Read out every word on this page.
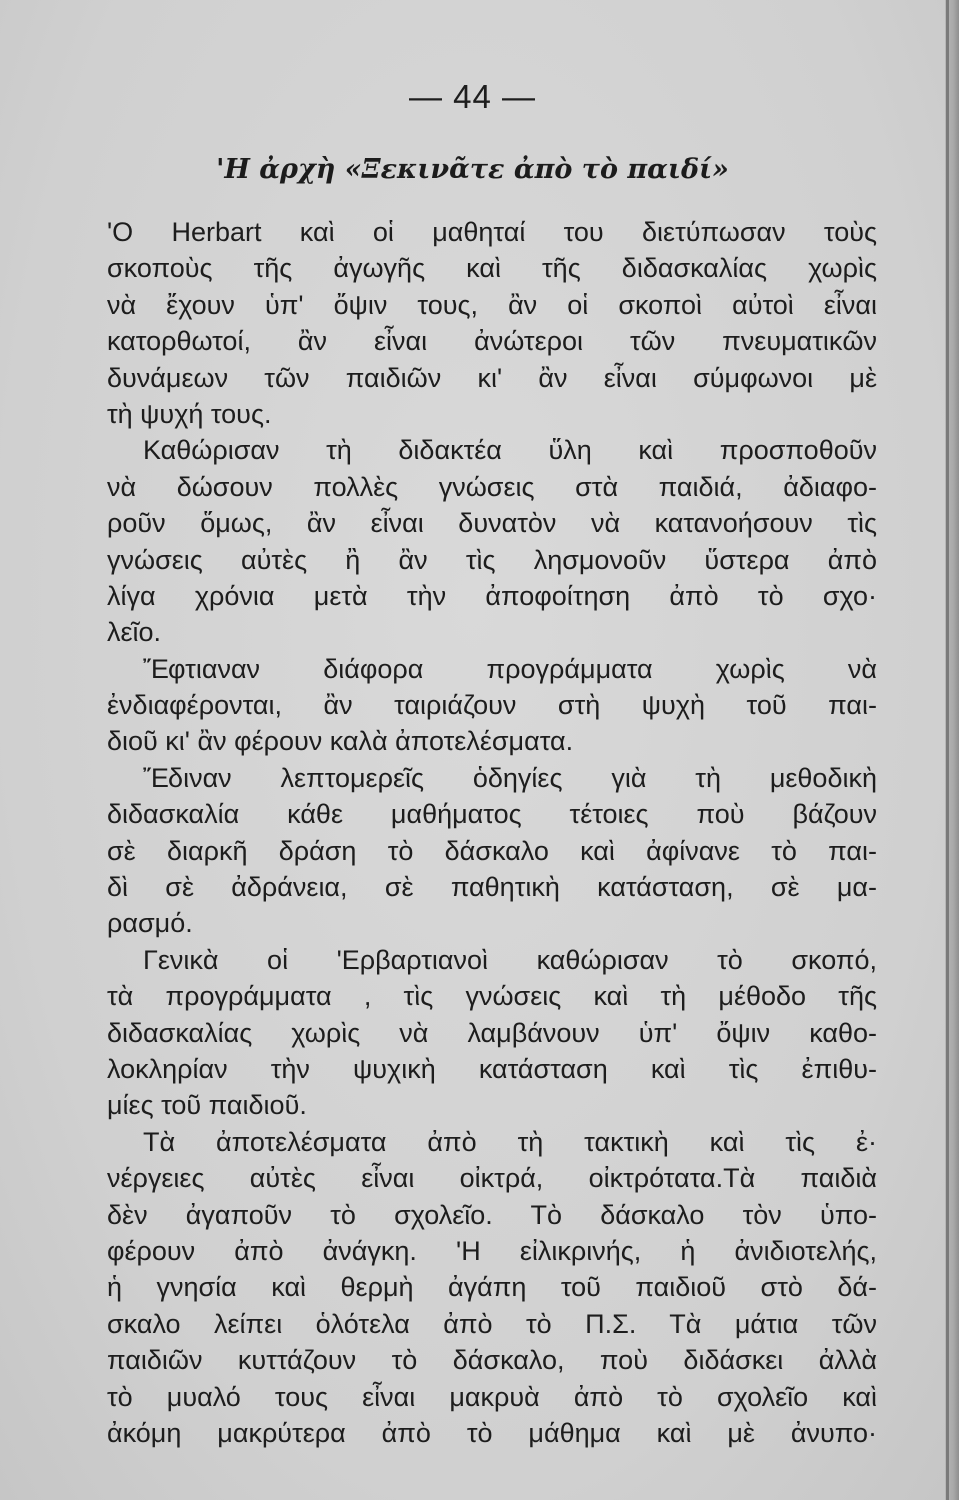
— 44 —
'Η ἀρχὴ «Ξεκινᾶτε ἀπὸ τὸ παιδί»
'Ο Herbart καὶ οἱ μαθηταί του διετύπωσαν τοὺς
σκοποὺς τῆς ἀγωγῆς καὶ τῆς διδασκαλίας χωρὶς
νὰ ἔχουν ὑπ' ὄψιν τους, ἂν οἱ σκοποὶ αὐτοὶ εἶναι
κατορθωτοί, ἂν εἶναι ἀνώτεροι τῶν πνευματικῶν
δυνάμεων τῶν παιδιῶν κι' ἂν εἶναι σύμφωνοι μὲ
τὴ ψυχή τους.
Καθώρισαν τὴ διδακτέα ὕλη καὶ προσποθοῦν
νὰ δώσουν πολλὲς γνώσεις στὰ παιδιά, ἀδιαφο-
ροῦν ὅμως, ἂν εἶναι δυνατὸν νὰ κατανοήσουν τὶς
γνώσεις αὐτὲς ἢ ἂν τὶς λησμονοῦν ὕστερα ἀπὸ
λίγα χρόνια μετὰ τὴν ἀποφοίτηση ἀπὸ τὸ σχο·
λεῖο.
Ἔφτιαναν διάφορα προγράμματα χωρὶς νὰ
ἐνδιαφέρονται, ἂν ταιριάζουν στὴ ψυχὴ τοῦ παι-
διοῦ κι' ἂν φέρουν καλὰ ἀποτελέσματα.
Ἔδιναν λεπτομερεῖς ὁδηγίες γιὰ τὴ μεθοδικὴ
διδασκαλία κάθε μαθήματος τέτοιες ποὺ βάζουν
σὲ διαρκῆ δράση τὸ δάσκαλο καὶ ἀφίνανε τὸ παι-
δὶ σὲ ἀδράνεια, σὲ παθητικὴ κατάσταση, σὲ μα-
ρασμό.
Γενικὰ οἱ 'Ερβαρτιανοὶ καθώρισαν τὸ σκοπό,
τὰ προγράμματα , τὶς γνώσεις καὶ τὴ μέθοδο τῆς
διδασκαλίας χωρὶς νὰ λαμβάνουν ὑπ' ὄψιν καθο-
λοκληρίαν τὴν ψυχικὴ κατάσταση καὶ τὶς ἐπιθυ-
μίες τοῦ παιδιοῦ.
Τὰ ἀποτελέσματα ἀπὸ τὴ τακτικὴ καὶ τὶς ἐ·
νέργειες αὐτὲς εἶναι οἰκτρά, οἰκτρότατα.Τὰ παιδιὰ
δὲν ἀγαποῦν τὸ σχολεῖο. Τὸ δάσκαλο τὸν ὑπο-
φέρουν ἀπὸ ἀνάγκη. 'Η εἰλικρινής, ἡ ἀνιδιοτελής,
ἡ γνησία καὶ θερμὴ ἀγάπη τοῦ παιδιοῦ στὸ δά-
σκαλο λείπει ὁλότελα ἀπὸ τὸ Π.Σ. Τὰ μάτια τῶν
παιδιῶν κυττάζουν τὸ δάσκαλο, ποὺ διδάσκει ἀλλὰ
τὸ μυαλό τους εἶναι μακρυὰ ἀπὸ τὸ σχολεῖο καὶ
ἀκόμη μακρύτερα ἀπὸ τὸ μάθημα καὶ μὲ ἀνυπο·
